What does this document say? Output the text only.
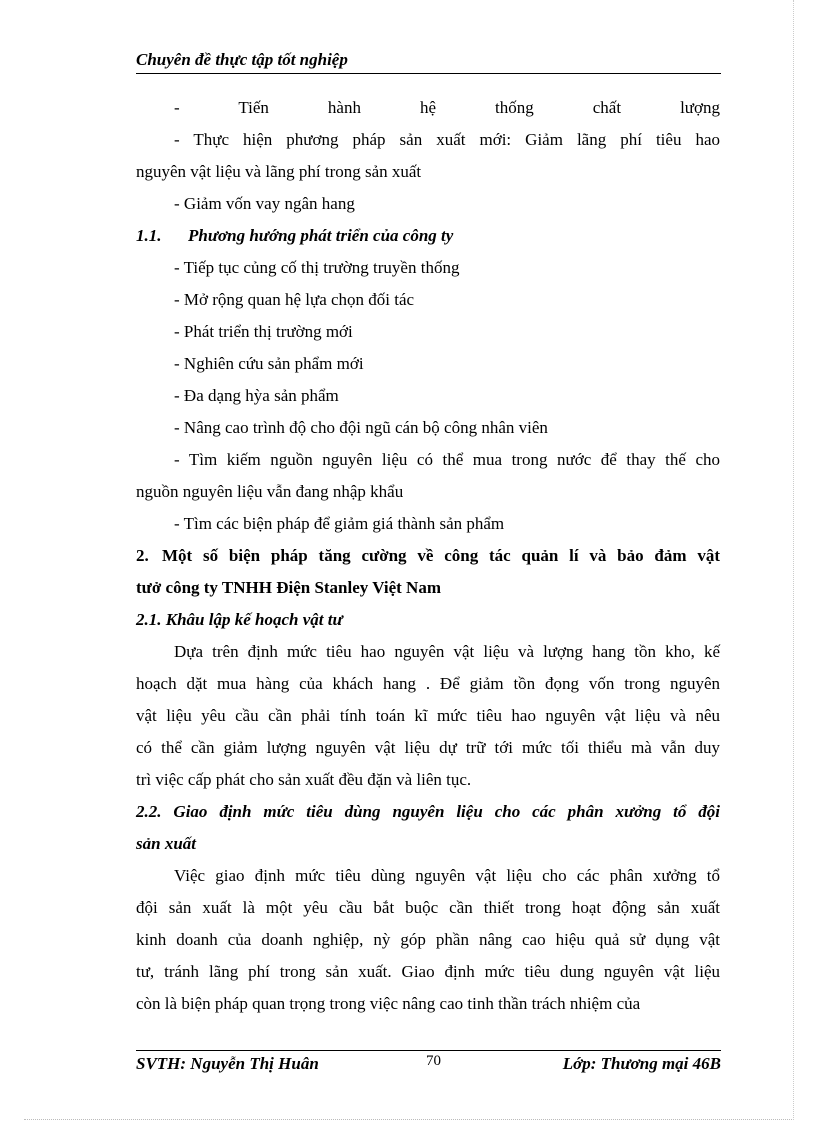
Chuyên đề thực tập tốt nghiệp
- Tiến hành hệ thống chất lượng
- Thực hiện phương pháp sản xuất mới: Giảm lãng phí tiêu hao
nguyên vật liệu và lãng phí trong sản xuất
- Giảm vốn vay ngân hang
1.1. Phương hướng phát triển của công ty
- Tiếp tục củng cố thị trường truyền thống
- Mở rộng quan hệ lựa chọn đối tác
- Phát triển thị trường mới
- Nghiên cứu sản phẩm mới
- Đa dạng hỳa sản phẩm
- Nâng cao trình độ cho đội ngũ cán bộ công nhân viên
- Tìm kiếm nguồn nguyên liệu có thể mua trong nước để thay thế cho
nguồn nguyên liệu vẫn đang nhập khẩu
- Tìm các biện pháp để giảm giá thành sản phẩm
2. Một số biện pháp tăng cường về công tác quản lí và bảo đảm vật
tưở công ty TNHH Điện Stanley Việt Nam
2.1. Khâu lập kế hoạch vật tư
Dựa trên định mức tiêu hao nguyên vật liệu và lượng hang tồn kho, kế
hoạch dặt mua hàng của khách hang . Để giảm tồn đọng vốn trong nguyên
vật liệu yêu cầu cần phải tính toán kĩ mức tiêu hao nguyên vật liệu và nêu
có thể cần giảm lượng nguyên vật liệu dự trữ tới mức tối thiểu mà vẫn duy
trì việc cấp phát cho sản xuất đều đặn và liên tục.
2.2. Giao định mức tiêu dùng nguyên liệu cho các phân xưởng tổ đội
sản xuất
Việc giao định mức tiêu dùng nguyên vật liệu cho các phân xưởng tổ
đội sản xuất là một yêu cầu bắt buộc cần thiết trong hoạt động sản xuất
kinh doanh của doanh nghiệp, nỳ góp phần nâng cao hiệu quả sử dụng vật
tư, tránh lãng phí trong sản xuất. Giao định mức tiêu dung nguyên vật liệu
còn là biện pháp quan trọng trong việc nâng cao tinh thần trách nhiệm của
SVTH: Nguyễn Thị Huân	70	Lớp: Thương mại 46B
